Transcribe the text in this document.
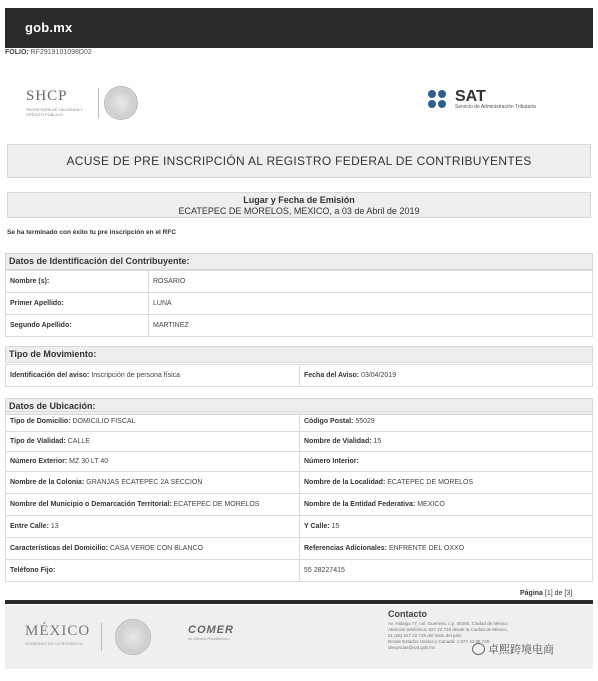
gob.mx
FOLIO: RF2919101098D02
SHCP
SECRETARÍA DE HACIENDA Y CRÉDITO PÚBLICO
SAT
Servicio de Administración Tributaria
ACUSE DE PRE INSCRIPCIÓN AL REGISTRO FEDERAL DE CONTRIBUYENTES
Lugar y Fecha de Emisión
ECATEPEC DE MORELOS, MEXICO, a 03 de Abril de 2019
Se ha terminado con éxito tu pre inscripción en el RFC
Datos de Identificación del Contribuyente:
Nombre (s):	ROSARIO
Primer Apellido:	LUNA
Segundo Apellido:	MARTINEZ
Tipo de Movimiento:
Identificación del aviso: Inscripción de persona física	Fecha del Aviso: 03/04/2019
Datos de Ubicación:
Tipo de Domicilio: DOMICILIO FISCAL	Código Postal: 55029
Tipo de Vialidad: CALLE	Nombre de Vialidad: 15
Número Exterior: MZ 30 LT 40	Número Interior:
Nombre de la Colonia: GRANJAS ECATEPEC 2A SECCION	Nombre de la Localidad: ECATEPEC DE MORELOS
Nombre del Municipio o Demarcación Territorial: ECATEPEC DE MORELOS	Nombre de la Entidad Federativa: MEXICO
Entre Calle: 13	Y Calle: 15
Características del Domicilio: CASA VERDE CON BLANCO	Referencias Adicionales: ENFRENTE DEL OXXO
Teléfono Fijo:	55 28227415
Página [1] de [3]
MÉXICO
GOBIERNO DE LA REPÚBLICA
COMER
de México Republicano
Contacto
Av. Hidalgo 77, col. Guerrero, c.p. 06300, Ciudad de México.
Atención telefónica: 627 22 728 desde la Ciudad de México,
01 (55) 627 22 728 del resto del país.
Desde Estados Unidos y Canadá: 1 877 44 88 728.
denuncias@sat.gob.mx	卓熙跨境电商
